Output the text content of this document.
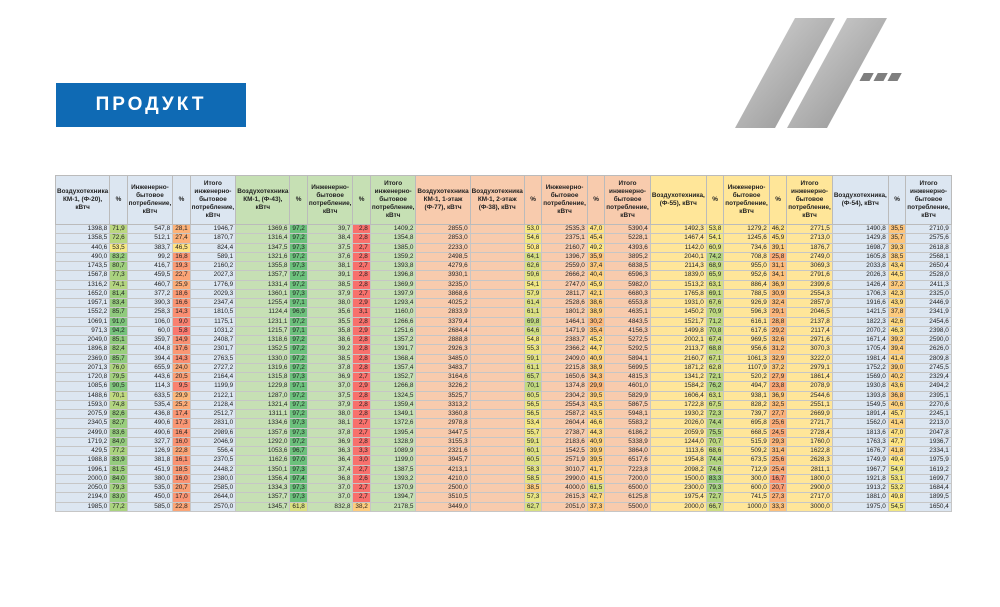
ПРОДУКТ
Воздухотехника КМ-1, (Ф-20), кВтч	%	Инженерно-бытовое потребление, кВтч	%	Итого инженерно-бытовое потребление, кВтч	Воздухотехника КМ-1, (Ф-43), кВтч	%	Инженерно-бытовое потребление, кВтч	%	Итого инженерно-бытовое потребление, кВтч	Воздухотехника КМ-1, 1-этаж (Ф-77), кВтч	Воздухотехника КМ-1, 2-этаж (Ф-38), кВтч	%	Инженерно-бытовое потребление, кВтч	%	Итого инженерно-бытовое потребление, кВтч	Воздухотехника, (Ф-55), кВтч	%	Инженерно-бытовое потребление, кВтч	%	Итого инженерно-бытовое потребление, кВтч	Воздухотехника, (Ф-54), кВтч	%	Итого инженерно-бытовое потребление, кВтч
1398,8	71,9	547,8	28,1	1946,7	1369,6	97,2	39,7	2,8	1409,2	2855,0		53,0	2535,3	47,0	5390,4	1492,3	53,8	1279,2	46,2	2771,5	1490,8	35,5	2710,9
1358,5	72,6	512,1	27,4	1870,7	1316,4	97,2	38,4	2,8	1354,8	2853,0		54,6	2375,1	45,4	5228,1	1467,4	54,1	1245,6	45,9	2713,0	1429,8	35,7	2575,6
440,6	53,5	383,7	46,5	824,4	1347,5	97,3	37,5	2,7	1385,0	2233,0		50,8	2160,7	49,2	4393,6	1142,0	60,9	734,6	39,1	1876,7	1698,7	39,3	2618,8
490,0	83,2	99,2	16,8	589,1	1321,6	97,2	37,6	2,8	1359,2	2498,5		64,1	1396,7	35,9	3895,2	2040,1	74,2	708,8	25,8	2749,0	1605,8	38,5	2568,1
1743,5	80,7	416,7	19,3	2160,2	1355,8	97,3	38,1	2,7	1393,8	4279,6		62,6	2559,0	37,4	6838,5	2114,3	68,9	955,0	31,1	3069,3	2033,8	43,4	2650,4
1567,8	77,3	459,5	22,7	2027,3	1357,7	97,2	39,1	2,8	1396,8	3930,1		59,6	2666,2	40,4	6596,3	1839,0	65,9	952,6	34,1	2791,6	2026,3	44,5	2528,0
1316,2	74,1	460,7	25,9	1776,9	1331,4	97,2	38,5	2,8	1369,9	3235,0		54,1	2747,0	45,9	5982,0	1513,2	63,1	886,4	36,9	2399,6	1426,4	37,2	2411,3
1652,0	81,4	377,2	18,6	2029,3	1360,1	97,3	37,9	2,7	1397,9	3868,6		57,9	2811,7	42,1	6680,3	1765,8	69,1	788,5	30,9	2554,3	1706,3	42,3	2325,0
1957,1	83,4	390,3	16,6	2347,4	1255,4	97,1	38,0	2,9	1293,4	4025,2		61,4	2528,6	38,6	6553,8	1931,0	67,6	926,9	32,4	2857,9	1916,6	43,9	2446,9
1552,2	85,7	258,3	14,3	1810,5	1124,4	96,9	35,6	3,1	1160,0	2833,9		61,1	1801,2	38,9	4635,1	1450,2	70,9	596,3	29,1	2046,5	1421,5	37,8	2341,9
1069,1	91,0	106,0	9,0	1175,1	1231,1	97,2	35,5	2,8	1266,6	3379,4		69,8	1464,1	30,2	4843,5	1521,7	71,2	616,1	28,8	2137,8	1822,3	42,6	2454,6
971,3	94,2	60,0	5,8	1031,2	1215,7	97,1	35,8	2,9	1251,6	2684,4		64,6	1471,9	35,4	4156,3	1499,8	70,8	617,6	29,2	2117,4	2070,2	46,3	2398,0
2049,0	85,1	359,7	14,9	2408,7	1318,6	97,2	38,6	2,8	1357,2	2888,8		54,8	2383,7	45,2	5272,5	2002,1	67,4	969,5	32,6	2971,6	1671,4	39,2	2590,0
1896,8	82,4	404,8	17,6	2301,7	1352,5	97,2	39,2	2,8	1391,7	2926,3		55,3	2366,2	44,7	5292,5	2113,7	68,8	956,6	31,2	3070,3	1705,4	39,4	2626,0
2369,0	85,7	394,4	14,3	2763,5	1330,0	97,2	38,5	2,8	1368,4	3485,0		59,1	2409,0	40,9	5894,1	2160,7	67,1	1061,3	32,9	3222,0	1981,4	41,4	2809,8
2071,3	76,0	655,9	24,0	2727,2	1319,6	97,2	37,8	2,8	1357,4	3483,7		61,1	2215,8	38,9	5699,5	1871,2	62,8	1107,9	37,2	2979,1	1752,2	39,0	2745,5
1720,8	79,5	443,6	20,5	2164,4	1315,8	97,3	36,9	2,7	1352,7	3164,6		65,7	1650,6	34,3	4815,3	1341,2	72,1	520,2	27,9	1861,4	1569,0	40,2	2329,4
1085,6	90,5	114,3	9,5	1199,9	1229,8	97,1	37,0	2,9	1266,8	3226,2		70,1	1374,8	29,9	4601,0	1584,2	76,2	494,7	23,8	2078,9	1930,8	43,6	2494,2
1488,6	70,1	633,5	29,9	2122,1	1287,0	97,2	37,5	2,8	1324,5	3525,7		60,5	2304,2	39,5	5829,9	1606,4	63,1	938,1	36,9	2544,6	1393,8	36,8	2395,1
1593,0	74,8	535,4	25,2	2128,4	1321,4	97,2	37,9	2,8	1359,4	3313,2		56,5	2554,3	43,5	5867,5	1722,8	67,5	828,2	32,5	2551,1	1549,5	40,6	2270,6
2075,9	82,6	436,8	17,4	2512,7	1311,1	97,2	38,0	2,8	1349,1	3360,8		56,5	2587,2	43,5	5948,1	1930,2	72,3	739,7	27,7	2669,9	1891,4	45,7	2245,1
2340,5	82,7	490,6	17,3	2831,0	1334,6	97,3	38,1	2,7	1372,6	2978,8		53,4	2604,4	46,6	5583,2	2026,0	74,4	695,8	25,6	2721,7	1562,0	41,4	2213,0
2499,0	83,6	490,6	16,4	2989,6	1357,6	97,3	37,8	2,7	1395,4	3447,5		55,7	2738,7	44,3	6186,2	2059,9	75,5	668,5	24,5	2728,4	1813,6	47,0	2047,8
1719,2	84,0	327,7	16,0	2046,9	1292,0	97,2	36,9	2,8	1328,9	3155,3		59,1	2183,6	40,9	5338,9	1244,0	70,7	515,9	29,3	1760,0	1763,3	47,7	1936,7
429,5	77,2	126,9	22,8	556,4	1053,6	96,7	36,3	3,3	1089,9	2321,6		60,1	1542,5	39,9	3864,0	1113,6	68,6	509,2	31,4	1622,8	1676,7	41,8	2334,1
1988,8	83,9	381,8	16,1	2370,5	1162,6	97,0	36,4	3,0	1199,0	3945,7		60,5	2571,9	39,5	6517,6	1954,8	74,4	673,5	25,6	2628,3	1749,9	49,4	1975,9
1996,1	81,5	451,9	18,5	2448,2	1350,1	97,3	37,4	2,7	1387,5	4213,1		58,3	3010,7	41,7	7223,8	2098,2	74,6	712,9	25,4	2811,1	1967,7	54,9	1619,2
2000,0	84,0	380,0	16,0	2380,0	1356,4	97,4	36,8	2,6	1393,2	4210,0		58,5	2990,0	41,5	7200,0	1500,0	83,3	300,0	16,7	1800,0	1921,8	53,1	1699,7
2050,0	79,3	535,0	20,7	2585,0	1334,3	97,3	37,0	2,7	1370,9	2500,0		38,5	4000,0	61,5	6500,0	2300,0	79,3	600,0	20,7	2900,0	1913,2	53,2	1684,4
2194,0	83,0	450,0	17,0	2644,0	1357,7	97,3	37,0	2,7	1394,7	3510,5		57,3	2615,3	42,7	6125,8	1975,4	72,7	741,5	27,3	2717,0	1881,0	49,8	1899,5
1985,0	77,2	585,0	22,8	2570,0	1345,7	61,8	832,8	38,2	2178,5	3449,0		62,7	2051,0	37,3	5500,0	2000,0	66,7	1000,0	33,3	3000,0	1975,0	54,5	1650,4
